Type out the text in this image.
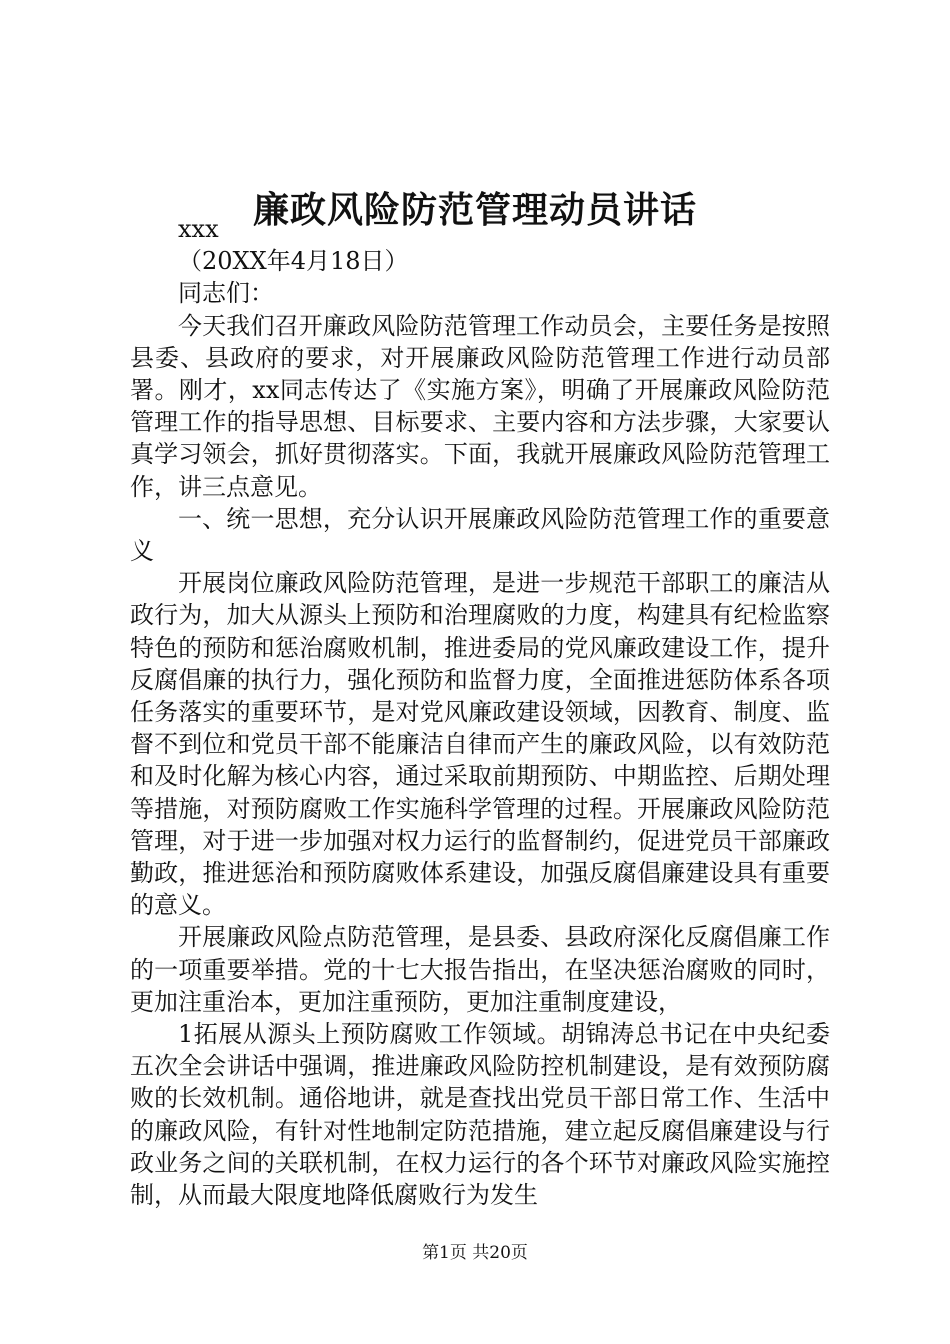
廉政风险防范管理动员讲话

xxx

（20XX年4月18日）

同志们：

今天我们召开廉政风险防范管理工作动员会，主要任务是按照县委、县政府的要求，对开展廉政风险防范管理工作进行动员部署。刚才，xx同志传达了《实施方案》，明确了开展廉政风险防范管理工作的指导思想、目标要求、主要内容和方法步骤，大家要认真学习领会，抓好贯彻落实。下面，我就开展廉政风险防范管理工作，讲三点意见。

一、统一思想，充分认识开展廉政风险防范管理工作的重要意义

开展岗位廉政风险防范管理，是进一步规范干部职工的廉洁从政行为，加大从源头上预防和治理腐败的力度，构建具有纪检监察特色的预防和惩治腐败机制，推进委局的党风廉政建设工作，提升反腐倡廉的执行力，强化预防和监督力度，全面推进惩防体系各项任务落实的重要环节，是对党风廉政建设领域，因教育、制度、监督不到位和党员干部不能廉洁自律而产生的廉政风险，以有效防范和及时化解为核心内容，通过采取前期预防、中期监控、后期处理等措施，对预防腐败工作实施科学管理的过程。开展廉政风险防范管理，对于进一步加强对权力运行的监督制约，促进党员干部廉政勤政，推进惩治和预防腐败体系建设，加强反腐倡廉建设具有重要的意义。

开展廉政风险点防范管理，是县委、县政府深化反腐倡廉工作的一项重要举措。党的十七大报告指出，在坚决惩治腐败的同时，更加注重治本，更加注重预防，更加注重制度建设，

1拓展从源头上预防腐败工作领域。胡锦涛总书记在中央纪委五次全会讲话中强调，推进廉政风险防控机制建设，是有效预防腐败的长效机制。通俗地讲，就是查找出党员干部日常工作、生活中的廉政风险，有针对性地制定防范措施，建立起反腐倡廉建设与行政业务之间的关联机制，在权力运行的各个环节对廉政风险实施控制，从而最大限度地降低腐败行为发生

第1页 共20页
